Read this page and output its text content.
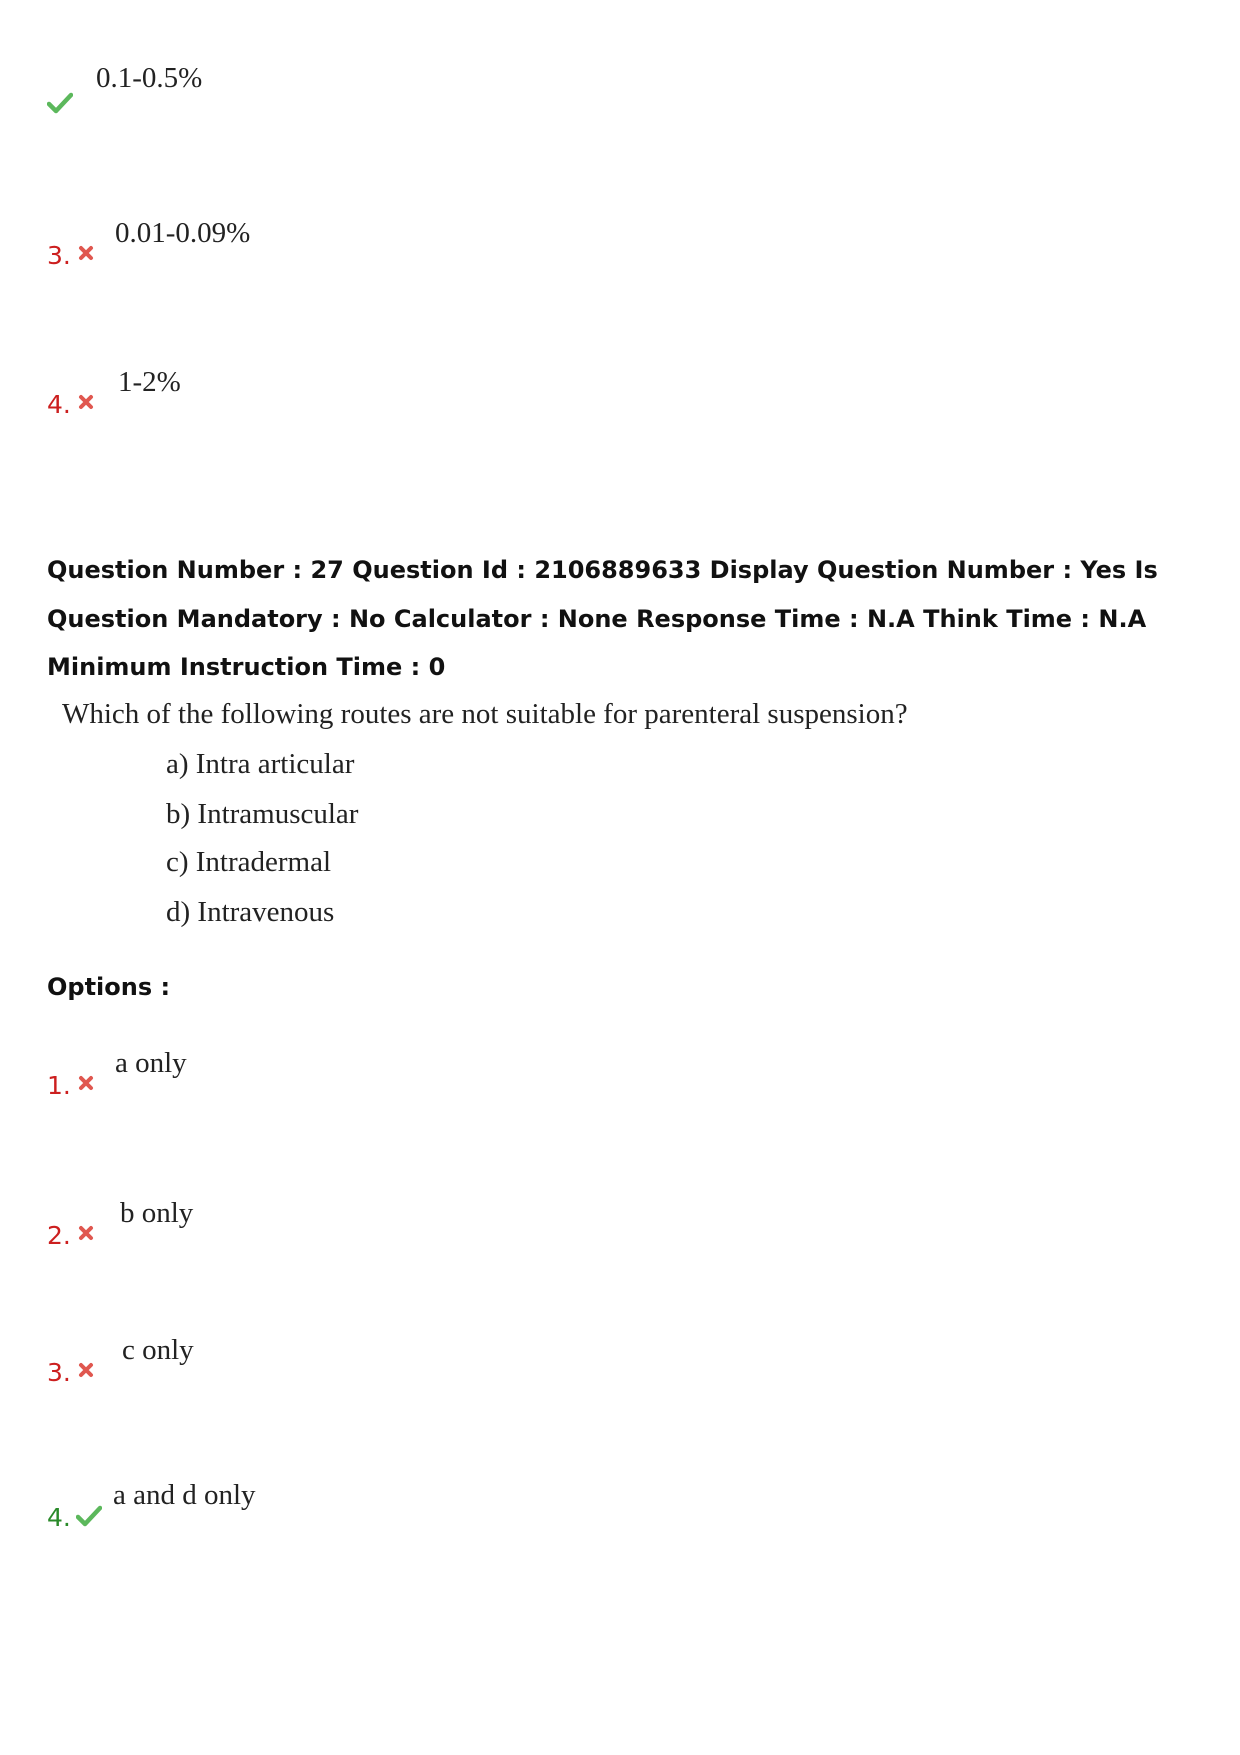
0.1-0.5%
3.
0.01-0.09%
4.
1-2%

Question Number : 27 Question Id : 2106889633 Display Question Number : Yes Is Question Mandatory : No Calculator : None Response Time : N.A Think Time : N.A Minimum Instruction Time : 0

Which of the following routes are not suitable for parenteral suspension?
a) Intra articular
b) Intramuscular
c) Intradermal
d) Intravenous
Options :
1.
a only
2.
b only
3.
c only
4.
a and d only
